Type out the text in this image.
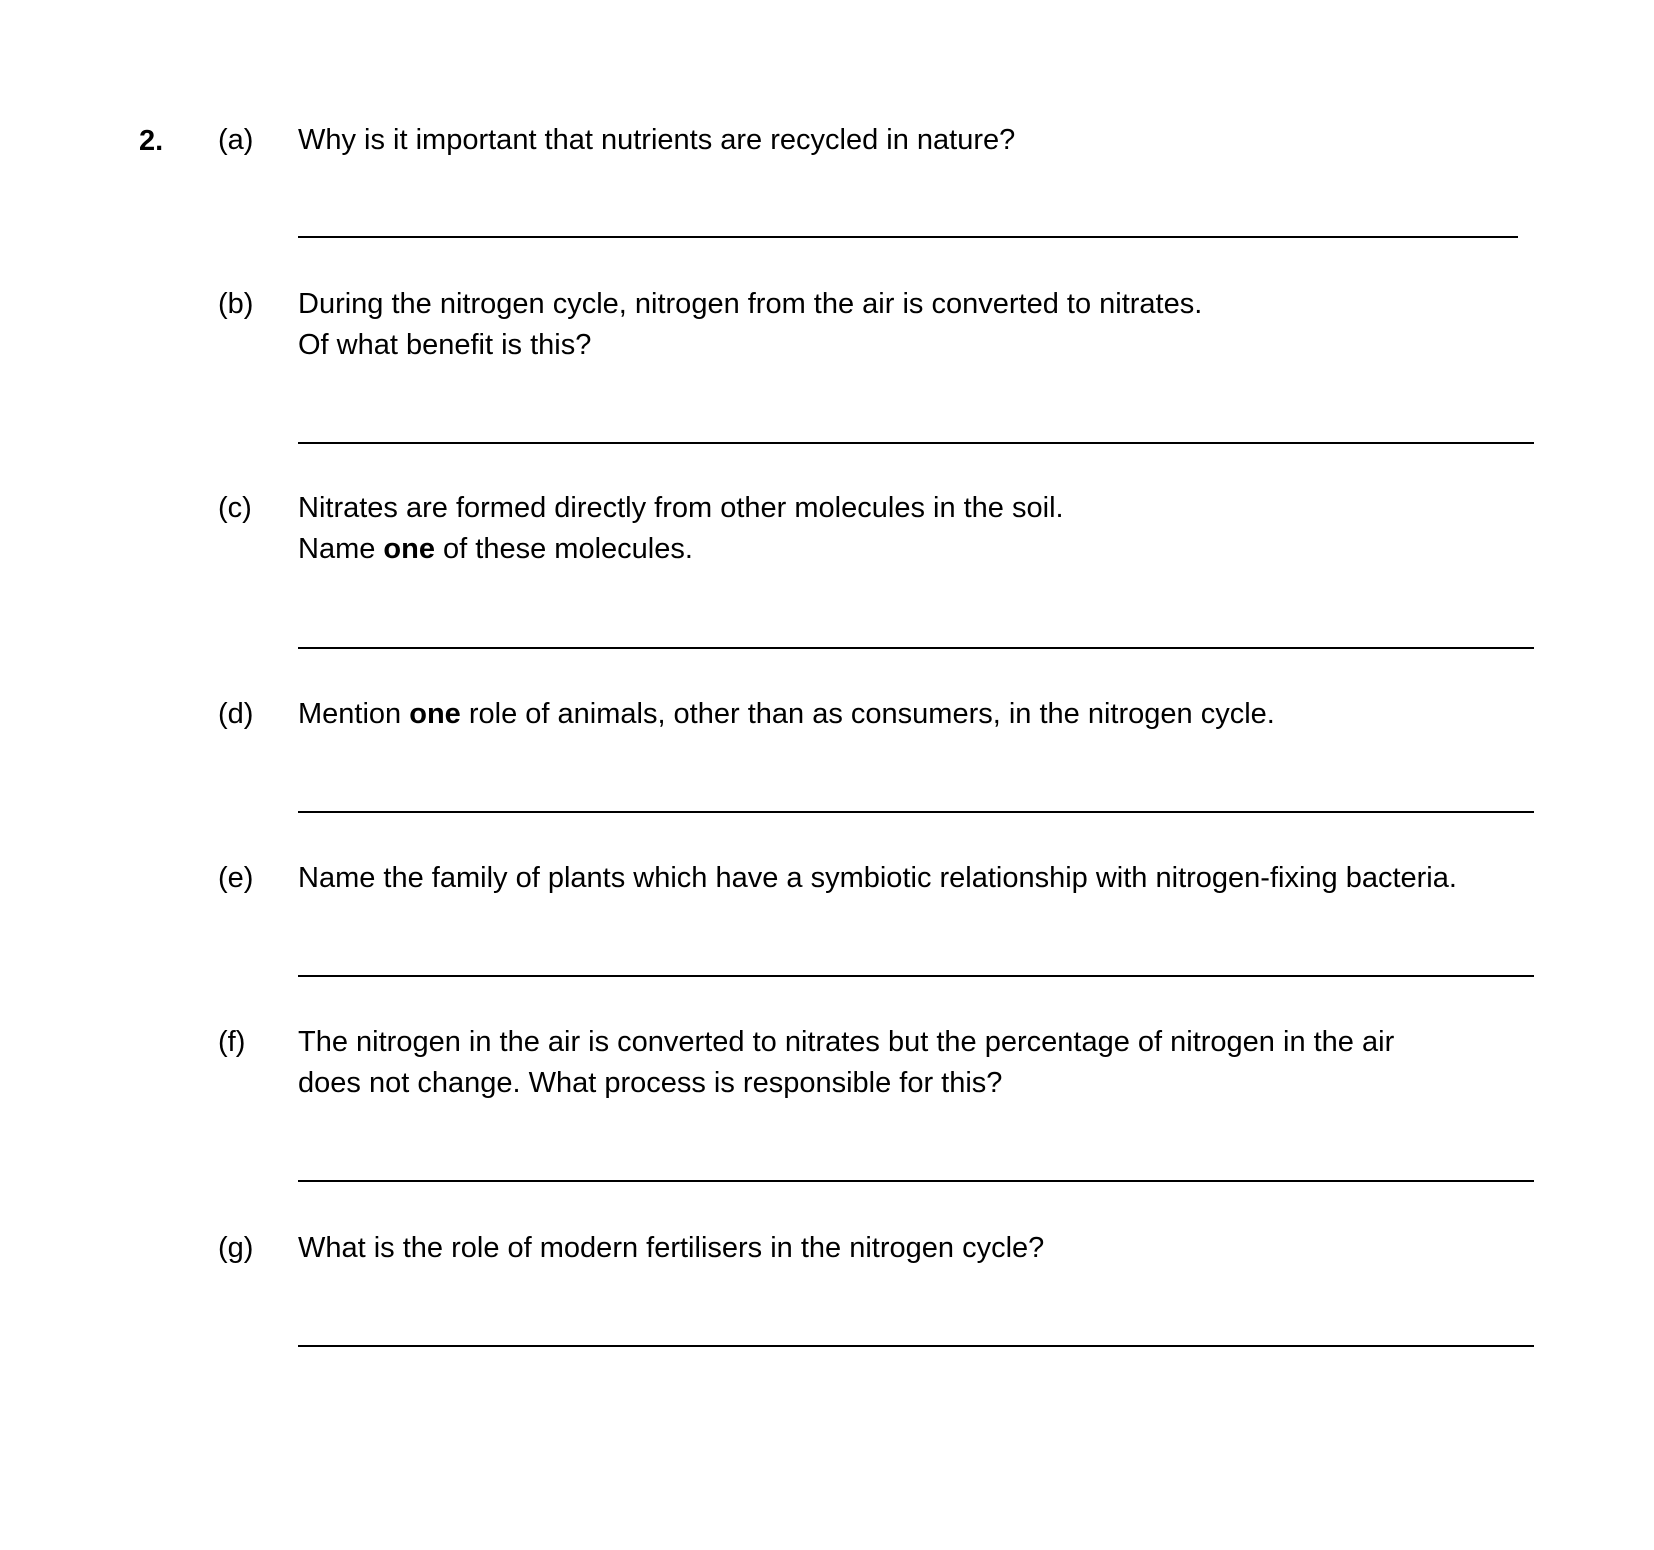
2. (a) Why is it important that nutrients are recycled in nature?
(b) During the nitrogen cycle, nitrogen from the air is converted to nitrates.
Of what benefit is this?
(c) Nitrates are formed directly from other molecules in the soil.
Name one of these molecules.
(d) Mention one role of animals, other than as consumers, in the nitrogen cycle.
(e) Name the family of plants which have a symbiotic relationship with nitrogen-fixing bacteria.
(f) The nitrogen in the air is converted to nitrates but the percentage of nitrogen in the air
does not change. What process is responsible for this?
(g) What is the role of modern fertilisers in the nitrogen cycle?
